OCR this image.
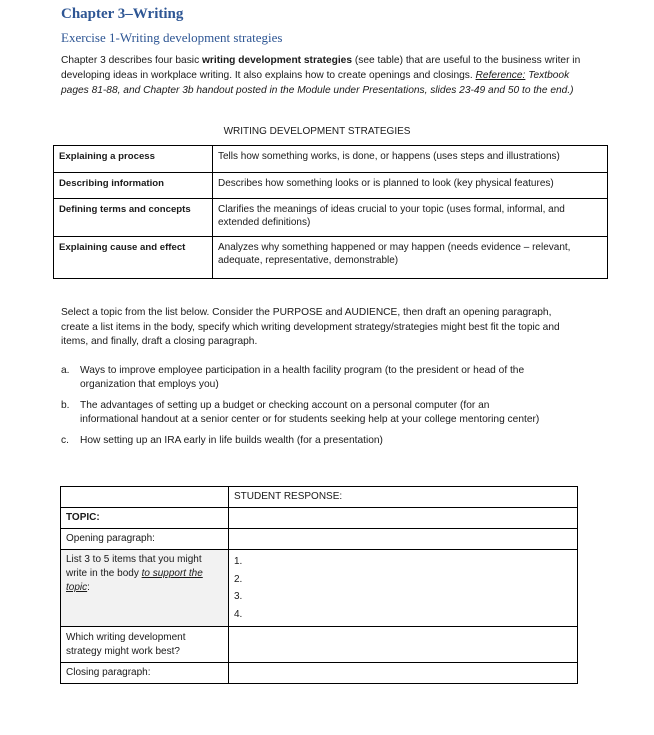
Chapter 3–Writing
Exercise 1-Writing development strategies
Chapter 3 describes four basic writing development strategies (see table) that are useful to the business writer in developing ideas in workplace writing. It also explains how to create openings and closings. Reference: Textbook pages 81-88, and Chapter 3b handout posted in the Module under Presentations, slides 23-49 and 50 to the end.)
WRITING DEVELOPMENT STRATEGIES
Explaining a process	Tells how something works, is done, or happens (uses steps and illustrations)
Describing information	Describes how something looks or is planned to look (key physical features)
Defining terms and concepts	Clarifies the meanings of ideas crucial to your topic (uses formal, informal, and extended definitions)
Explaining cause and effect	Analyzes why something happened or may happen (needs evidence – relevant, adequate, representative, demonstrable)
Select a topic from the list below. Consider the PURPOSE and AUDIENCE, then draft an opening paragraph, create a list items in the body, specify which writing development strategy/strategies might best fit the topic and items, and finally, draft a closing paragraph.
a. Ways to improve employee participation in a health facility program (to the president or head of the organization that employs you)
b. The advantages of setting up a budget or checking account on a personal computer (for an informational handout at a senior center or for students seeking help at your college mentoring center)
c. How setting up an IRA early in life builds wealth (for a presentation)
	STUDENT RESPONSE:
TOPIC:	
Opening paragraph:	
List 3 to 5 items that you might write in the body to support the topic:	1.
2.
3.
4.

Which writing development strategy might work best?	
Closing paragraph:	
